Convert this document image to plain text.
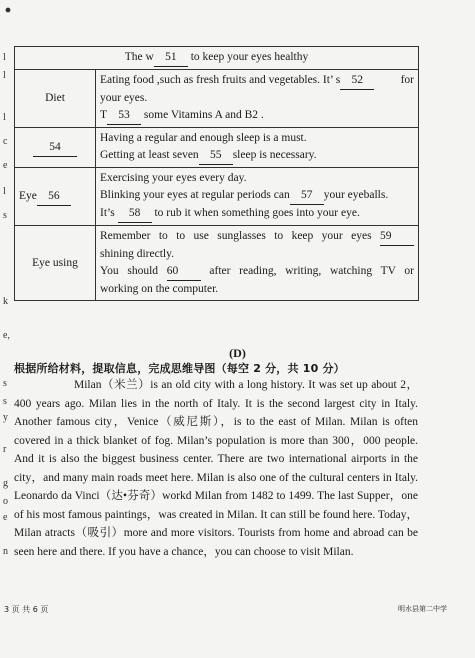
l
l
l
c
e
l
s
k
e,
s
s
y
r
g
o
e
n
The w 51 to keep your eyes healthy	
Diet	Eating food ,such as fresh fruits and vegetables. It’ s 52 for
your eyes.
T 53 some Vitamins A and B2 .

54	Having a regular and enough sleep is a must.
Getting at least seven 55 sleep is necessary.

Eye 56	Exercising your eyes every day.
Blinking your eyes at regular periods can 57 your eyeballs.
It’s 58 to rub it when something goes into your eye.

Eye using	Remember to to use sunglasses to keep your eyes 59
shining directly.
You should 60 after reading, writing, watching TV or
working on the computer.
(D)
根据所给材料，提取信息，完成思维导图（每空 2 分，共 10 分）

Milan（米兰）is an old city with a long history. It was set up about 2，400 years ago. Milan lies in the north of Italy. It is the second largest city in Italy. Another famous city，Venice（威尼斯），is to the east of Milan. Milan is often covered in a thick blanket of fog. Milan’s population is more than 300，000 people. And it is also the biggest business center. There are two international airports in the city，and many main roads meet here. Milan is also one of the cultural centers in Italy. Leonardo da Vinci（达•芬奇）workd Milan from 1482 to 1499. The last Supper，one of his most famous paintings，was created in Milan. It can still be found here. Today，Milan atracts（吸引）more and more visitors. Tourists from home and abroad can be seen here and there. If you have a chance，you can choose to visit Milan.

3 页 共 6 页	明水县第二中学
